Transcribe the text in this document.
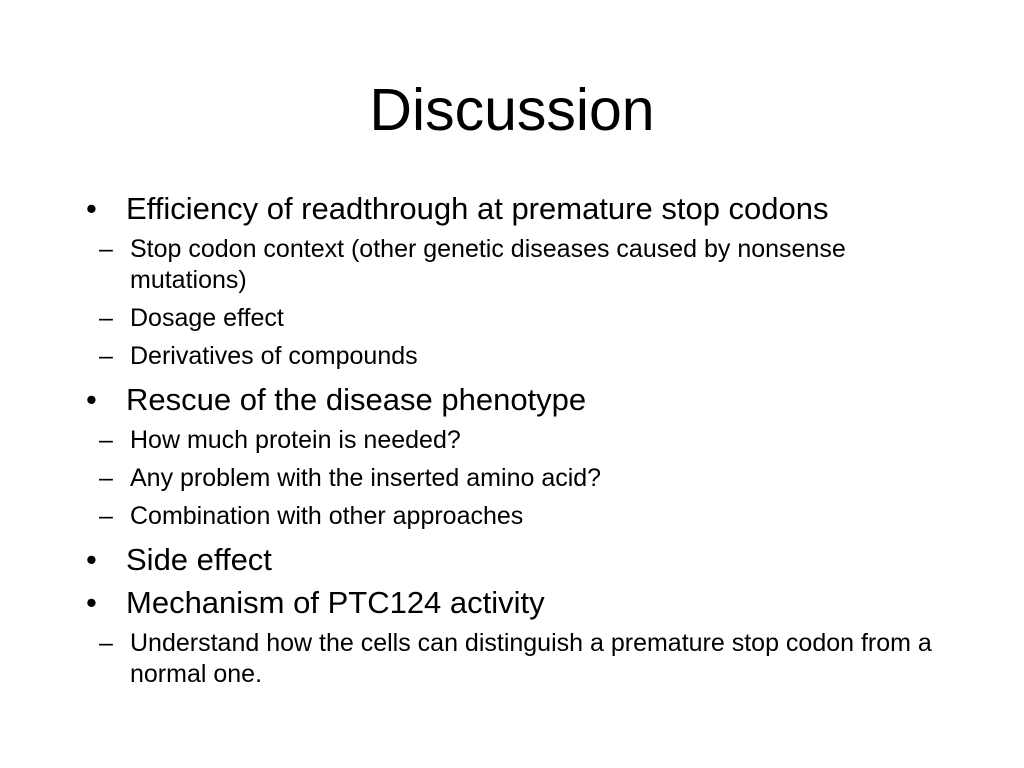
Discussion
• Efficiency of readthrough at premature stop codons
– Stop codon context (other genetic diseases caused by nonsense mutations)
– Dosage effect
– Derivatives of compounds
• Rescue of the disease phenotype
– How much protein is needed?
– Any problem with the inserted amino acid?
– Combination with other approaches
• Side effect
• Mechanism of PTC124 activity
– Understand how the cells can distinguish a premature stop codon from a normal one.
